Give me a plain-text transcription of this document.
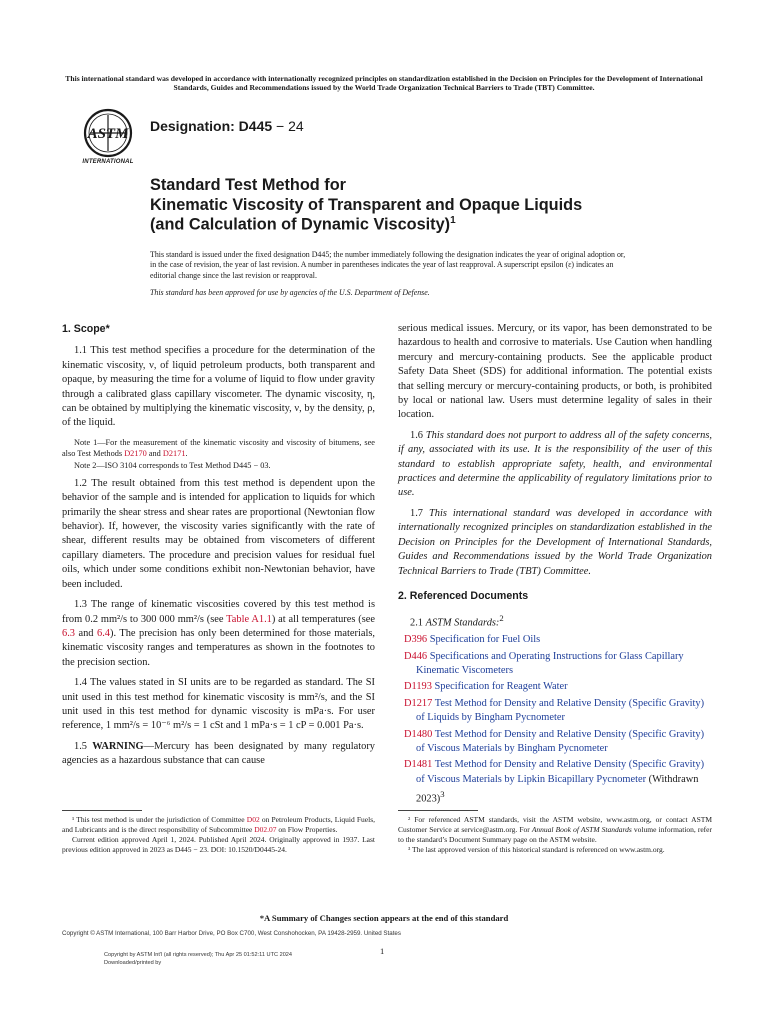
This international standard was developed in accordance with internationally recognized principles on standardization established in the Decision on Principles for the Development of International Standards, Guides and Recommendations issued by the World Trade Organization Technical Barriers to Trade (TBT) Committee.
ASTM
INTERNATIONAL
Designation: D445 − 24
Standard Test Method for
Kinematic Viscosity of Transparent and Opaque Liquids
(and Calculation of Dynamic Viscosity)$^1$
This standard is issued under the fixed designation D445; the number immediately following the designation indicates the year of original adoption or, in the case of revision, the year of last revision. A number in parentheses indicates the year of last reapproval. A superscript epsilon (ε) indicates an editorial change since the last revision or reapproval.
This standard has been approved for use by agencies of the U.S. Department of Defense.
1. Scope*

1.1 This test method specifies a procedure for the determination of the kinematic viscosity, ν, of liquid petroleum products, both transparent and opaque, by measuring the time for a volume of liquid to flow under gravity through a calibrated glass capillary viscometer. The dynamic viscosity, η, can be obtained by multiplying the kinematic viscosity, ν, by the density, ρ, of the liquid.

Note 1—For the measurement of the kinematic viscosity and viscosity of bitumens, see also Test Methods D2170 and D2171.

Note 2—ISO 3104 corresponds to Test Method D445 − 03.

1.2 The result obtained from this test method is dependent upon the behavior of the sample and is intended for application to liquids for which primarily the shear stress and shear rates are proportional (Newtonian flow behavior). If, however, the viscosity varies significantly with the rate of shear, different results may be obtained from viscometers of different capillary diameters. The procedure and precision values for residual fuel oils, which under some conditions exhibit non-Newtonian behavior, have been included.

1.3 The range of kinematic viscosities covered by this test method is from 0.2 mm²/s to 300 000 mm²/s (see Table A1.1) at all temperatures (see 6.3 and 6.4). The precision has only been determined for those materials, kinematic viscosity ranges and temperatures as shown in the footnotes to the precision section.

1.4 The values stated in SI units are to be regarded as standard. The SI unit used in this test method for kinematic viscosity is mm²/s, and the SI unit used in this test method for dynamic viscosity is mPa·s. For user reference, 1 mm²/s = 10⁻⁶ m²/s = 1 cSt and 1 mPa·s = 1 cP = 0.001 Pa·s.

1.5 WARNING—Mercury has been designated by many regulatory agencies as a hazardous substance that can cause

serious medical issues. Mercury, or its vapor, has been demonstrated to be hazardous to health and corrosive to materials. Use Caution when handling mercury and mercury-containing products. See the applicable product Safety Data Sheet (SDS) for additional information. The potential exists that selling mercury or mercury-containing products, or both, is prohibited by local or national law. Users must determine legality of sales in their location.

1.6 This standard does not purport to address all of the safety concerns, if any, associated with its use. It is the responsibility of the user of this standard to establish appropriate safety, health, and environmental practices and determine the applicability of regulatory limitations prior to use.

1.7 This international standard was developed in accordance with internationally recognized principles on standardization established in the Decision on Principles for the Development of International Standards, Guides and Recommendations issued by the World Trade Organization Technical Barriers to Trade (TBT) Committee.

2. Referenced Documents

2.1 ASTM Standards:$^2$

D396 Specification for Fuel Oils

D446 Specifications and Operating Instructions for Glass Capillary Kinematic Viscometers

D1193 Specification for Reagent Water

D1217 Test Method for Density and Relative Density (Specific Gravity) of Liquids by Bingham Pycnometer

D1480 Test Method for Density and Relative Density (Specific Gravity) of Viscous Materials by Bingham Pycnometer

D1481 Test Method for Density and Relative Density (Specific Gravity) of Viscous Materials by Lipkin Bicapillary Pycnometer (Withdrawn 2023)$^3$

¹ This test method is under the jurisdiction of Committee D02 on Petroleum Products, Liquid Fuels, and Lubricants and is the direct responsibility of Subcommittee D02.07 on Flow Properties.

Current edition approved April 1, 2024. Published April 2024. Originally approved in 1937. Last previous edition approved in 2023 as D445 − 23. DOI: 10.1520/D0445-24.

² For referenced ASTM standards, visit the ASTM website, www.astm.org, or contact ASTM Customer Service at service@astm.org. For Annual Book of ASTM Standards volume information, refer to the standard’s Document Summary page on the ASTM website.

³ The last approved version of this historical standard is referenced on www.astm.org.

*A Summary of Changes section appears at the end of this standard
Copyright © ASTM International, 100 Barr Harbor Drive, PO Box C700, West Conshohocken, PA 19428-2959. United States
1
Copyright by ASTM Int'l (all rights reserved); Thu Apr 25 01:52:11 UTC 2024
Downloaded/printed by
